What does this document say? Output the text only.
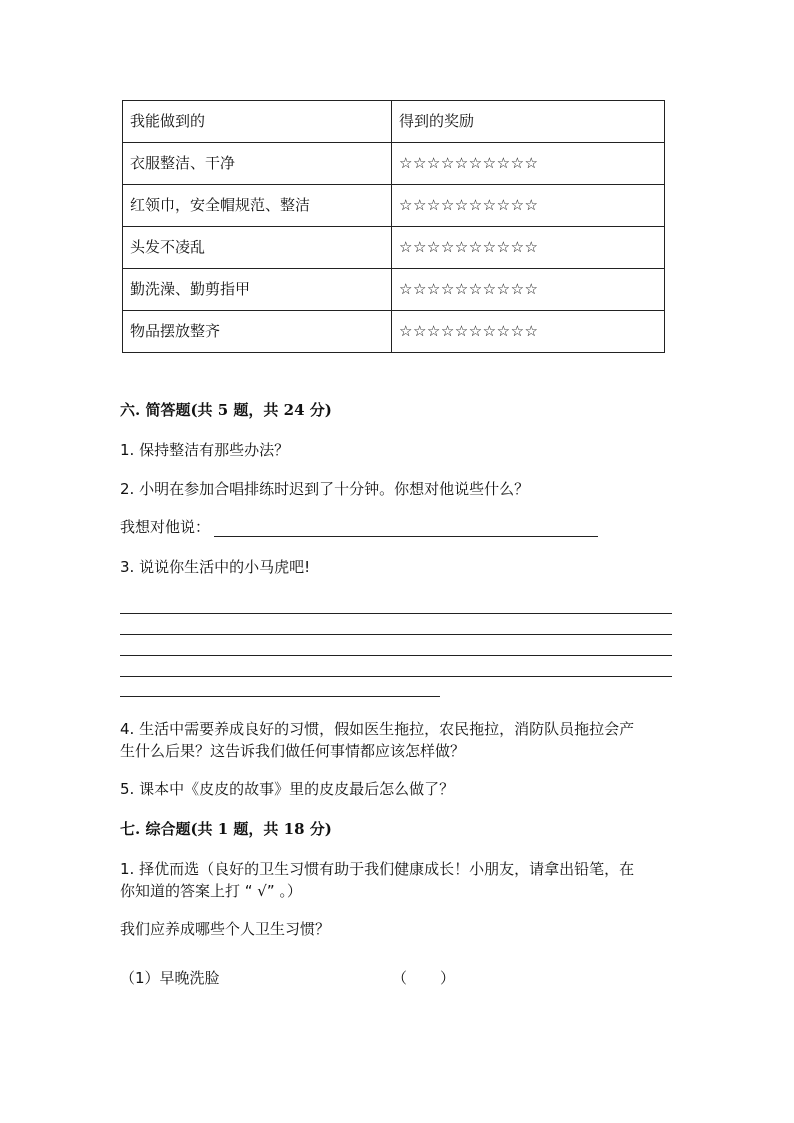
我能做到的	得到的奖励
衣服整洁、干净	☆☆☆☆☆☆☆☆☆☆
红领巾，安全帽规范、整洁	☆☆☆☆☆☆☆☆☆☆
头发不凌乱	☆☆☆☆☆☆☆☆☆☆
勤洗澡、勤剪指甲	☆☆☆☆☆☆☆☆☆☆
物品摆放整齐	☆☆☆☆☆☆☆☆☆☆
六. 简答题(共 5 题，共 24 分)
1. 保持整洁有那些办法？
2. 小明在参加合唱排练时迟到了十分钟。你想对他说些什么？
我想对他说：
3. 说说你生活中的小马虎吧!
4. 生活中需要养成良好的习惯，假如医生拖拉，农民拖拉，消防队员拖拉会产
生什么后果？这告诉我们做任何事情都应该怎样做？
5. 课本中《皮皮的故事》里的皮皮最后怎么做了？
七. 综合题(共 1 题，共 18 分)
1. 择优而选（良好的卫生习惯有助于我们健康成长！小朋友，请拿出铅笔，在
你知道的答案上打 “ √” 。）
我们应养成哪些个人卫生习惯？
（1）早晚洗脸	（ ）
